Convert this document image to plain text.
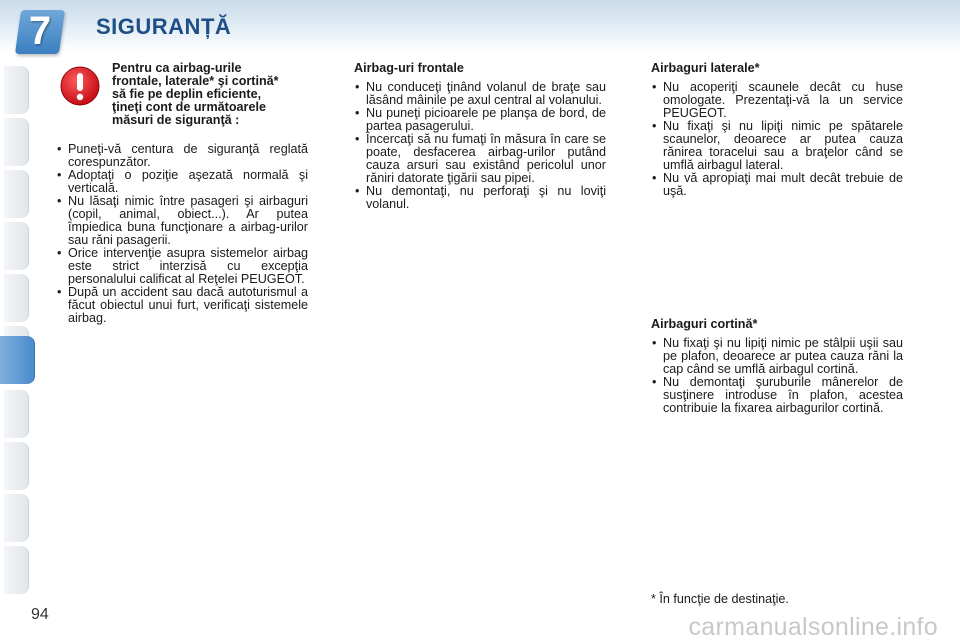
7 SIGURANȚĂ
Pentru ca airbag-urile frontale, laterale* şi cortină* să fie pe deplin eficiente, ţineţi cont de următoarele măsuri de siguranţă :
• Puneţi-vă centura de siguranţă reglată corespunzător.
• Adoptaţi o poziţie aşezată normală şi verticală.
• Nu lăsaţi nimic între pasageri şi airbaguri (copil, animal, obiect...). Ar putea împiedica buna funcţionare a airbag-urilor sau răni pasagerii.
• Orice intervenţie asupra sistemelor airbag este strict interzisă cu excepţia personalului calificat al Reţelei PEUGEOT.
• După un accident sau dacă autoturismul a făcut obiectul unui furt, verificaţi sistemele airbag.
Airbag-uri frontale
• Nu conduceţi ţinând volanul de braţe sau lăsând mâinile pe axul central al volanului.
• Nu puneţi picioarele pe planşa de bord, de partea pasagerului.
• Încercaţi să nu fumaţi în măsura în care se poate, desfacerea airbag-urilor putând cauza arsuri sau existând pericolul unor răniri datorate ţigării sau pipei.
• Nu demontaţi, nu perforaţi şi nu loviţi volanul.
Airbaguri laterale*
• Nu acoperiţi scaunele decât cu huse omologate. Prezentaţi-vă la un service PEUGEOT.
• Nu fixaţi şi nu lipiţi nimic pe spătarele scaunelor, deoarece ar putea cauza rănirea toracelui sau a braţelor când se umflă airbagul lateral.
• Nu vă apropiaţi mai mult decât trebuie de uşă.
Airbaguri cortină*
• Nu fixaţi şi nu lipiţi nimic pe stâlpii uşii sau pe plafon, deoarece ar putea cauza răni la cap când se umflă airbagul cortină.
• Nu demontaţi şuruburile mânerelor de susţinere introduse în plafon, acestea contribuie la fixarea airbagurilor cortină.
* În funcţie de destinaţie.
94	carmanualsonline.info
